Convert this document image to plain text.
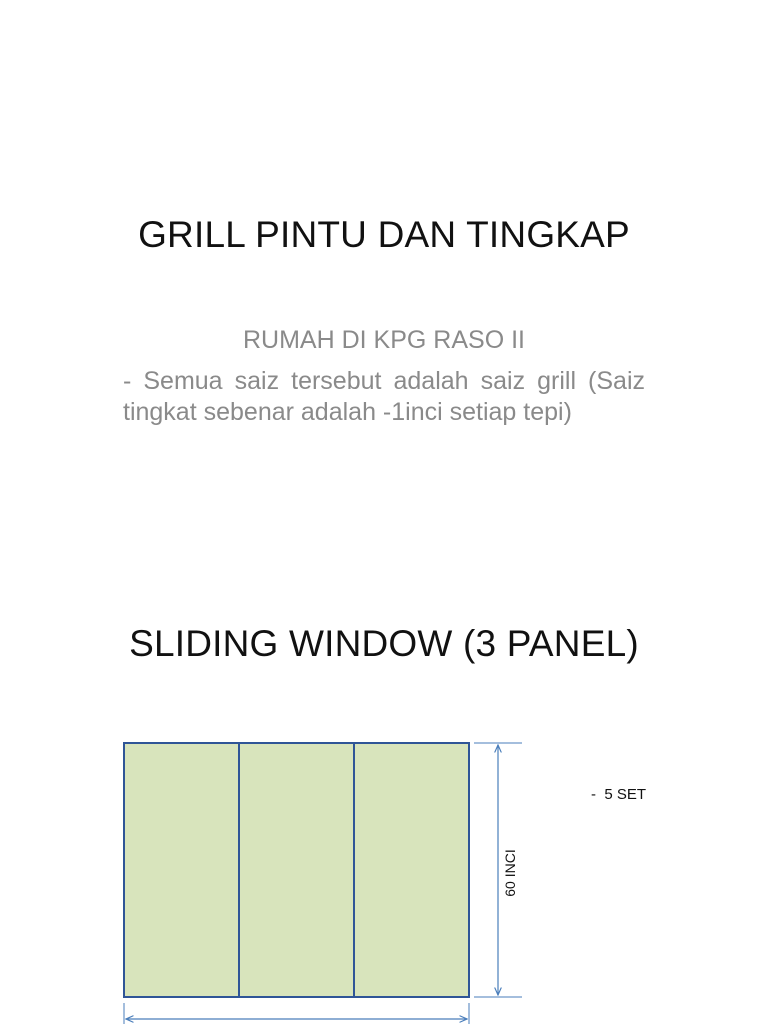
GRILL PINTU DAN TINGKAP
RUMAH DI KPG RASO II
- Semua saiz tersebut adalah saiz grill (Saiz tingkat sebenar adalah -1inci setiap tepi)
SLIDING WINDOW (3 PANEL)
60 INCI
-  5 SET
